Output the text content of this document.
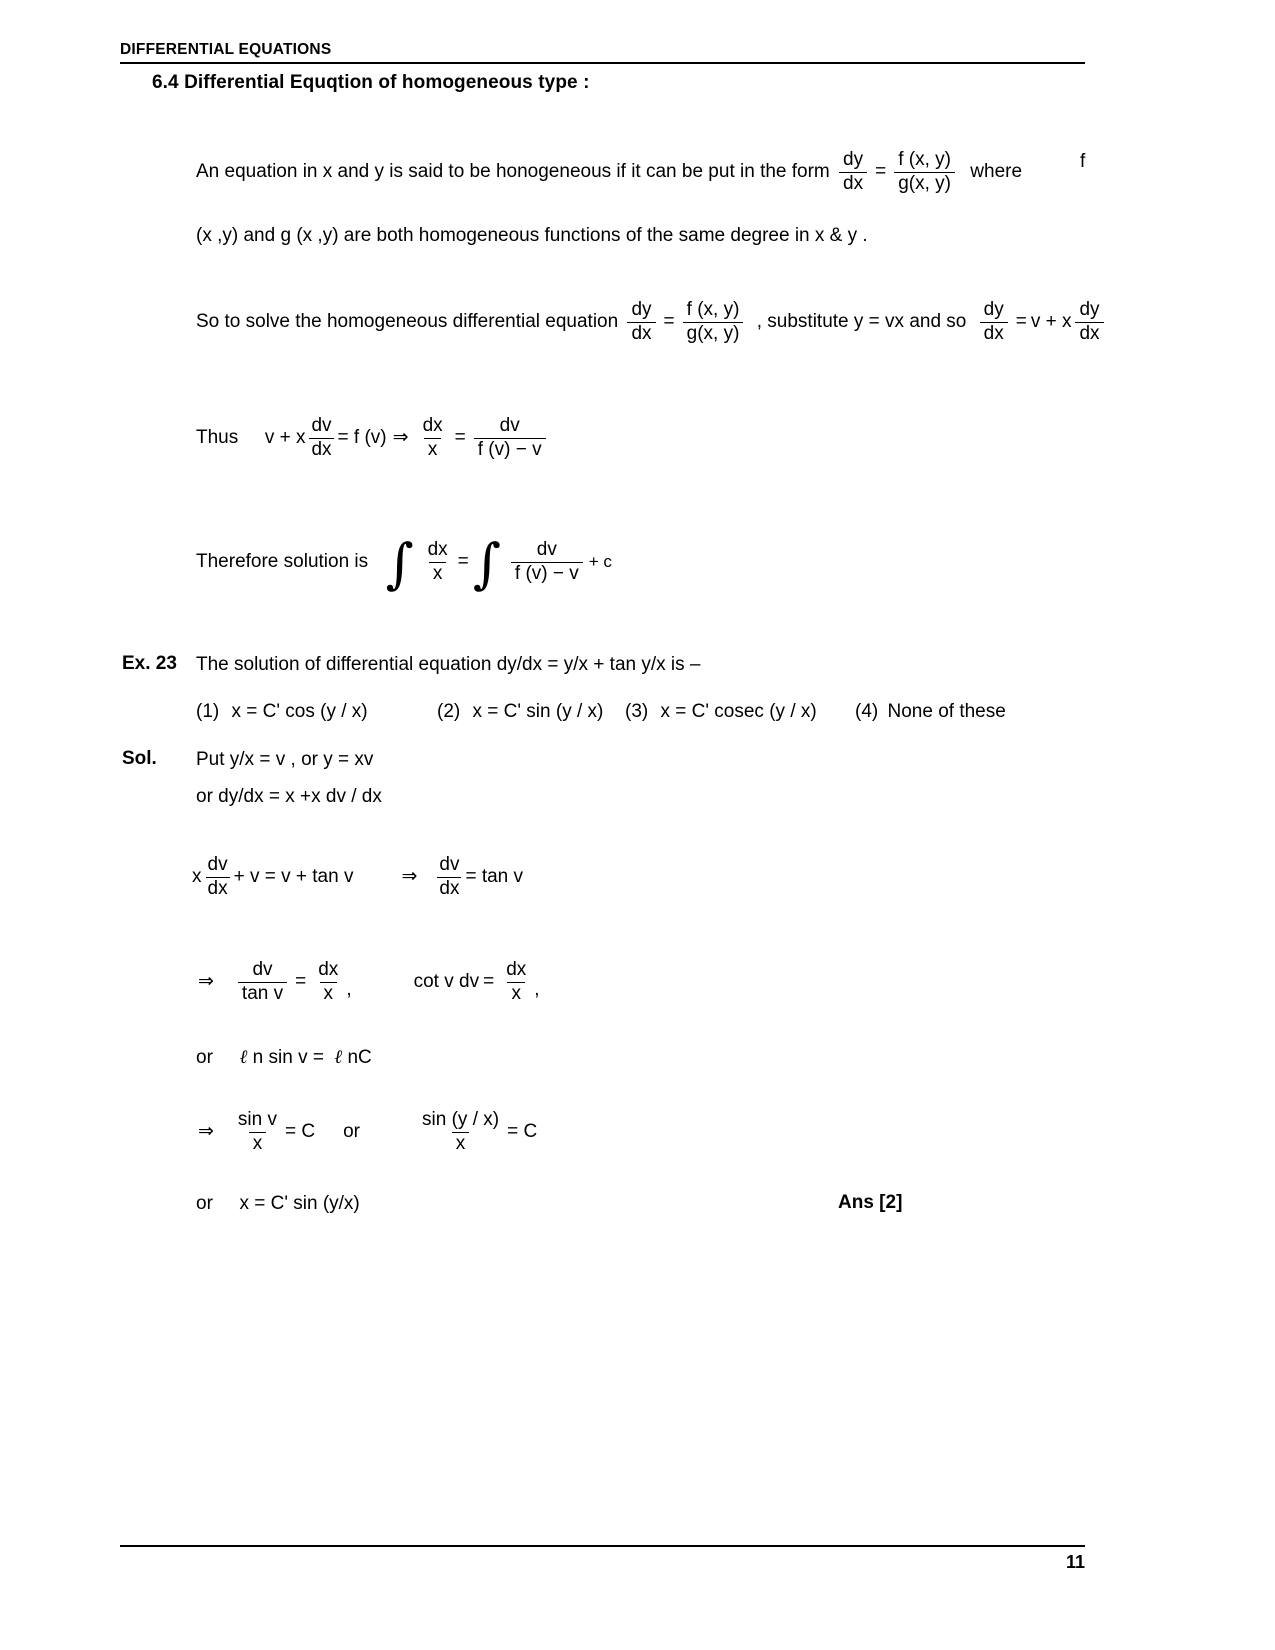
DIFFERENTIAL EQUATIONS
6.4 Differential Equqtion of homogeneous type :
An equation in x and y is said to be honogeneous if it can be put in the form $\frac{dy}{dx} = \frac{f (x, y)}{g(x, y)}$ where	f
(x ,y) and g (x ,y) are both homogeneous functions of the same degree in x & y .
So to solve the homogeneous differential equation $\frac{dy}{dx} = \frac{f (x, y)}{g(x, y)}$ , substitute y = vx and so $\frac{dy}{dx} = v + x \frac{dy}{dx}$
Thus v + x $\frac{dv}{dx} = f$ (v) ⇒ $\frac{dx}{x} = \frac{dv}{f (v) - v}$
Therefore solution is ∫ $\frac{dx}{x}$ = ∫ $\frac{dv}{f (v) - v} + c$
Ex. 23 The solution of differential equation dy/dx = y/x + tan y/x is –
(1) x = C' cos (y / x)	(2) x = C' sin (y / x) (3) x = C' cosec (y / x) (4) None of these
Sol. Put y/x = v , or y = xv
or dy/dx = x +x dv / dx
x $\frac{dv}{dx} + v = v + \tan v$	⇒ $\frac{dv}{dx} = \tan v$
⇒ $\frac{dv}{\text{tan v}} = \frac{dx}{x}$ ,	cot v dv = $\frac{dx}{x}$ ,
or ℓ n sin v = ℓ nC
⇒ $\frac{\text{sin v}}{x} = C$ or	$\frac{\sin (y / x)}{x} = C$
or x = C' sin (y/x)	Ans [2]
11
